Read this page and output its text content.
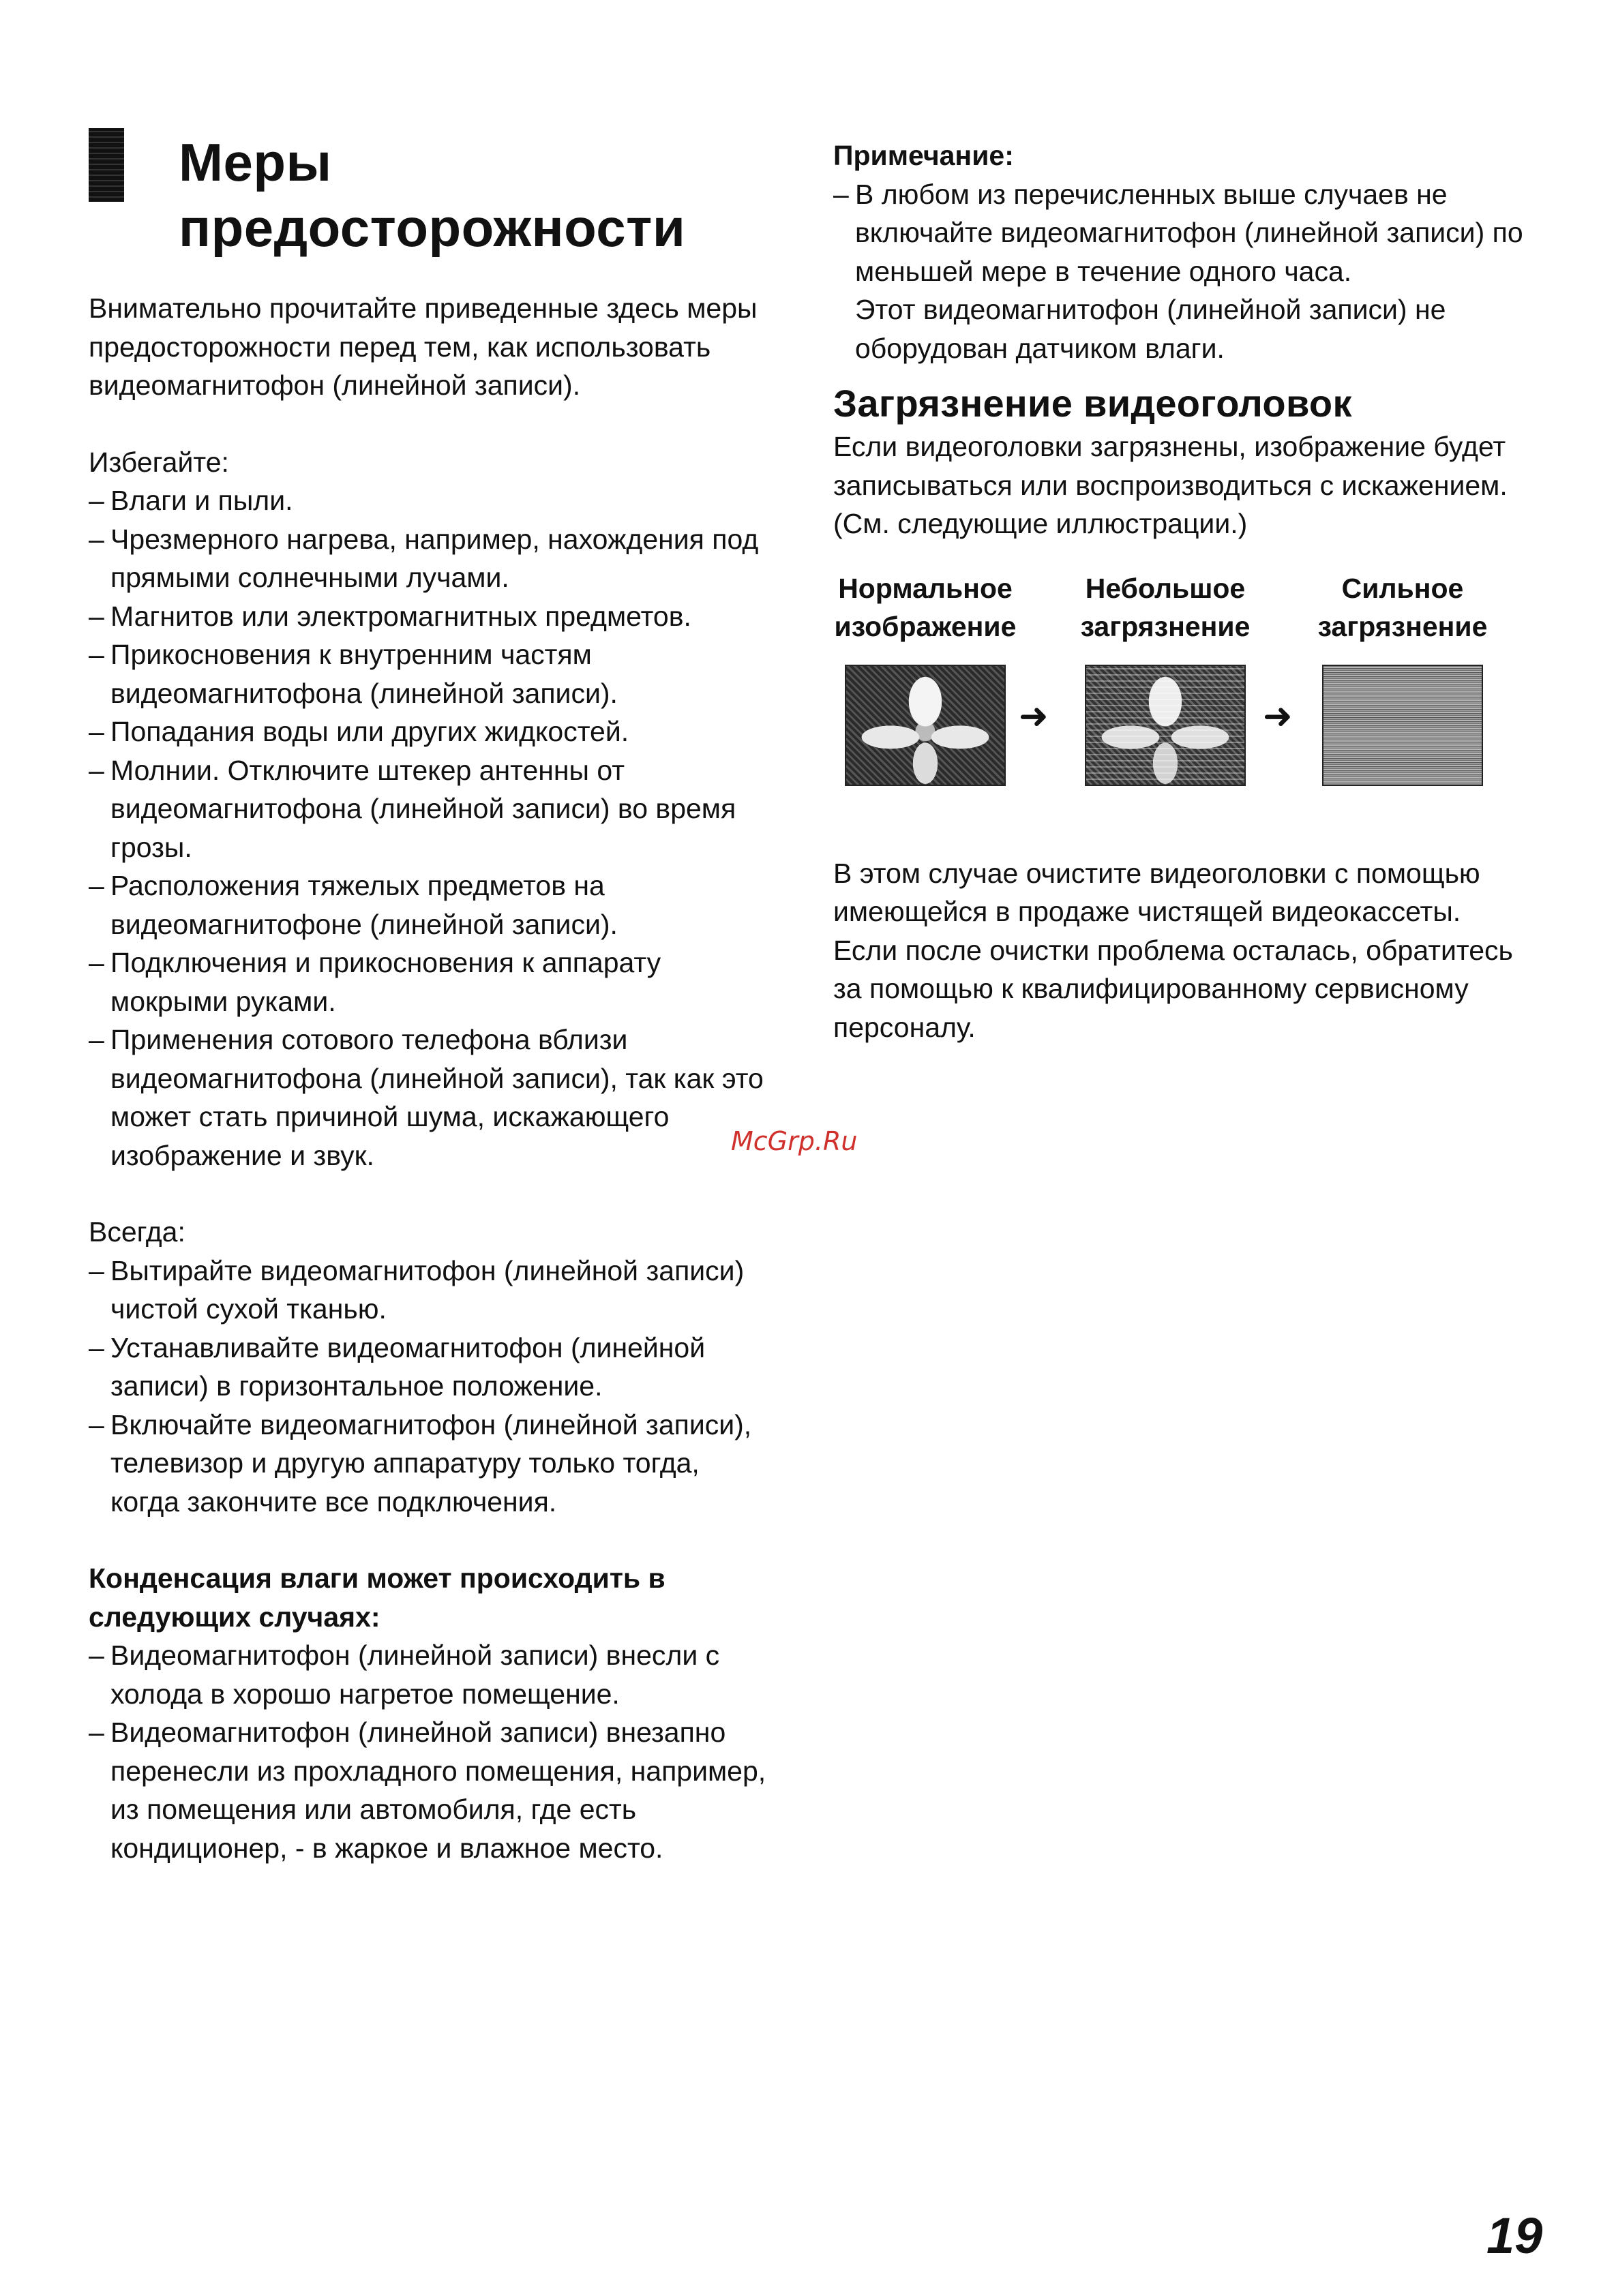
Меры
предосторожности

Внимательно прочитайте приведенные здесь меры предосторожности перед тем, как использовать видеомагнитофон (линейной записи).

Избегайте:

– Влаги и пыли.
– Чрезмерного нагрева, например, нахождения под прямыми солнечными лучами.
– Магнитов или электромагнитных предметов.
– Прикосновения к внутренним частям видеомагнитофона (линейной записи).
– Попадания воды или других жидкостей.
– Молнии. Отключите штекер антенны от видеомагнитофона (линейной записи) во время грозы.
– Расположения тяжелых предметов на видеомагнитофоне (линейной записи).
– Подключения и прикосновения к аппарату мокрыми руками.
– Применения сотового телефона вблизи видеомагнитофона (линейной записи), так как это может стать причиной шума, искажающего изображение и звук.

Всегда:

– Вытирайте видеомагнитофон (линейной записи) чистой сухой тканью.
– Устанавливайте видеомагнитофон (линейной записи) в горизонтальное положение.
– Включайте видеомагнитофон (линейной записи), телевизор и другую аппаратуру только тогда, когда закончите все подключения.

Конденсация влаги может происходить в следующих случаях:

– Видеомагнитофон (линейной записи) внесли с холода в хорошо нагретое помещение.
– Видеомагнитофон (линейной записи) внезапно перенесли из прохладного помещения, например, из помещения или автомобиля, где есть кондиционер, - в жаркое и влажное место.

Примечание:

– В любом из перечисленных выше случаев не включайте видеомагнитофон (линейной записи) по меньшей мере в течение одного часа.

Этот видеомагнитофон (линейной записи) не оборудован датчиком влаги.

Загрязнение видеоголовок

Если видеоголовки загрязнены, изображение будет записываться или воспроизводиться с искажением.

(См. следующие иллюстрации.)

Нормальное
изображение
➜
Небольшое
загрязнение
➜
Сильное
загрязнение

В этом случае очистите видеоголовки с помощью имеющейся в продаже чистящей видеокассеты.

Если после очистки проблема осталась, обратитесь за помощью к квалифицированному сервисному персоналу.

McGrp.Ru
19
